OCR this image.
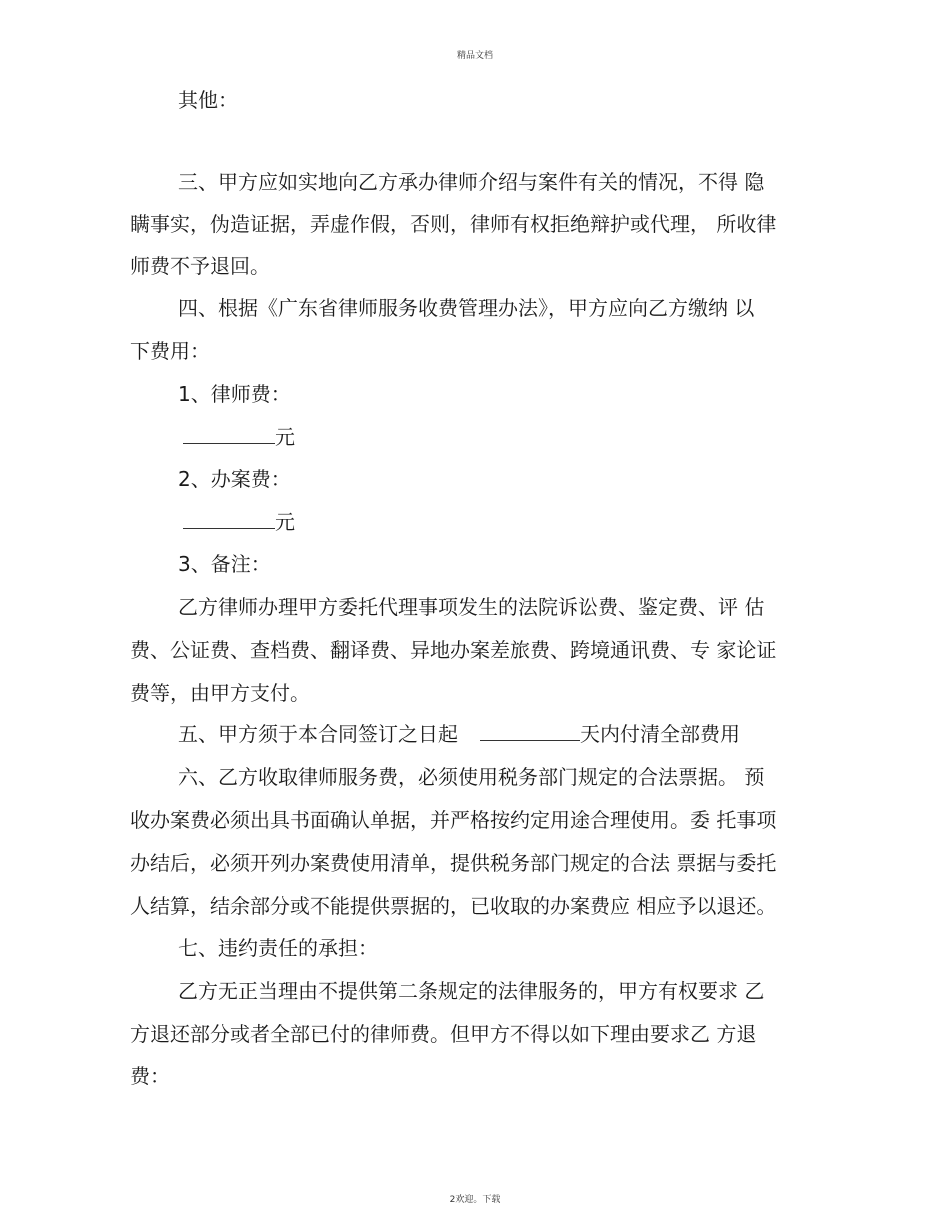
精品文档
其他：
三、甲方应如实地向乙方承办律师介绍与案件有关的情况，不得 隐
瞒事实，伪造证据，弄虚作假，否则，律师有权拒绝辩护或代理， 所收律
师费不予退回。
四、根据《广东省律师服务收费管理办法》，甲方应向乙方缴纳 以
下费用：
1、律师费：
元
2、办案费：
元
3、备注：
乙方律师办理甲方委托代理事项发生的法院诉讼费、鉴定费、评 估
费、公证费、查档费、翻译费、异地办案差旅费、跨境通讯费、专 家论证
费等，由甲方支付。
五、甲方须于本合同签订之日起	天内付清全部费用
六、乙方收取律师服务费，必须使用税务部门规定的合法票据。 预
收办案费必须出具书面确认单据，并严格按约定用途合理使用。委 托事项
办结后，必须开列办案费使用清单，提供税务部门规定的合法 票据与委托
人结算，结余部分或不能提供票据的，已收取的办案费应 相应予以退还。
七、违约责任的承担：
乙方无正当理由不提供第二条规定的法律服务的，甲方有权要求 乙
方退还部分或者全部已付的律师费。但甲方不得以如下理由要求乙 方退
费：
2欢迎。下载
